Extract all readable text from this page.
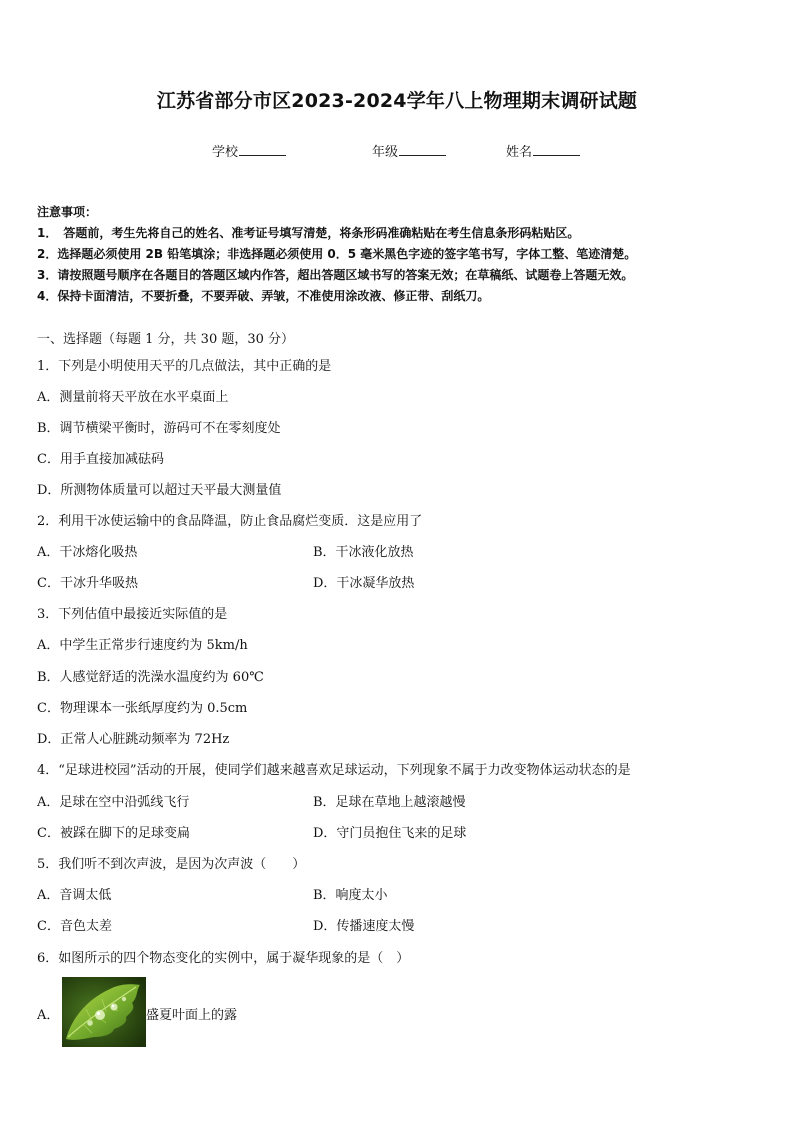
江苏省部分市区2023-2024学年八上物理期末调研试题
学校	年级	姓名
注意事项：
1．　答题前，考生先将自己的姓名、准考证号填写清楚，将条形码准确粘贴在考生信息条形码粘贴区。
2．选择题必须使用 2B 铅笔填涂；非选择题必须使用 0．5 毫米黑色字迹的签字笔书写，字体工整、笔迹清楚。
3．请按照题号顺序在各题目的答题区域内作答，超出答题区域书写的答案无效；在草稿纸、试题卷上答题无效。
4．保持卡面清洁，不要折叠，不要弄破、弄皱，不准使用涂改液、修正带、刮纸刀。
一、选择题（每题 1 分，共 30 题，30 分）
1．下列是小明使用天平的几点做法，其中正确的是
A．测量前将天平放在水平桌面上
B．调节横梁平衡时，游码可不在零刻度处
C．用手直接加减砝码
D．所测物体质量可以超过天平最大测量值
2．利用干冰使运输中的食品降温，防止食品腐烂变质．这是应用了
A．干冰熔化吸热	B．干冰液化放热
C．干冰升华吸热	D．干冰凝华放热
3．下列估值中最接近实际值的是
A．中学生正常步行速度约为 5km/h
B．人感觉舒适的洗澡水温度约为 60℃
C．物理课本一张纸厚度约为 0.5cm
D．正常人心脏跳动频率为 72Hz
4．“足球进校园”活动的开展，使同学们越来越喜欢足球运动，下列现象不属于力改变物体运动状态的是
A．足球在空中沿弧线飞行	B．足球在草地上越滚越慢
C．被踩在脚下的足球变扁	D．守门员抱住飞来的足球
5．我们听不到次声波，是因为次声波（　　）
A．音调太低	B．响度太小
C．音色太差	D．传播速度太慢
6．如图所示的四个物态变化的实例中，属于凝华现象的是（　）
A．	盛夏叶面上的露
